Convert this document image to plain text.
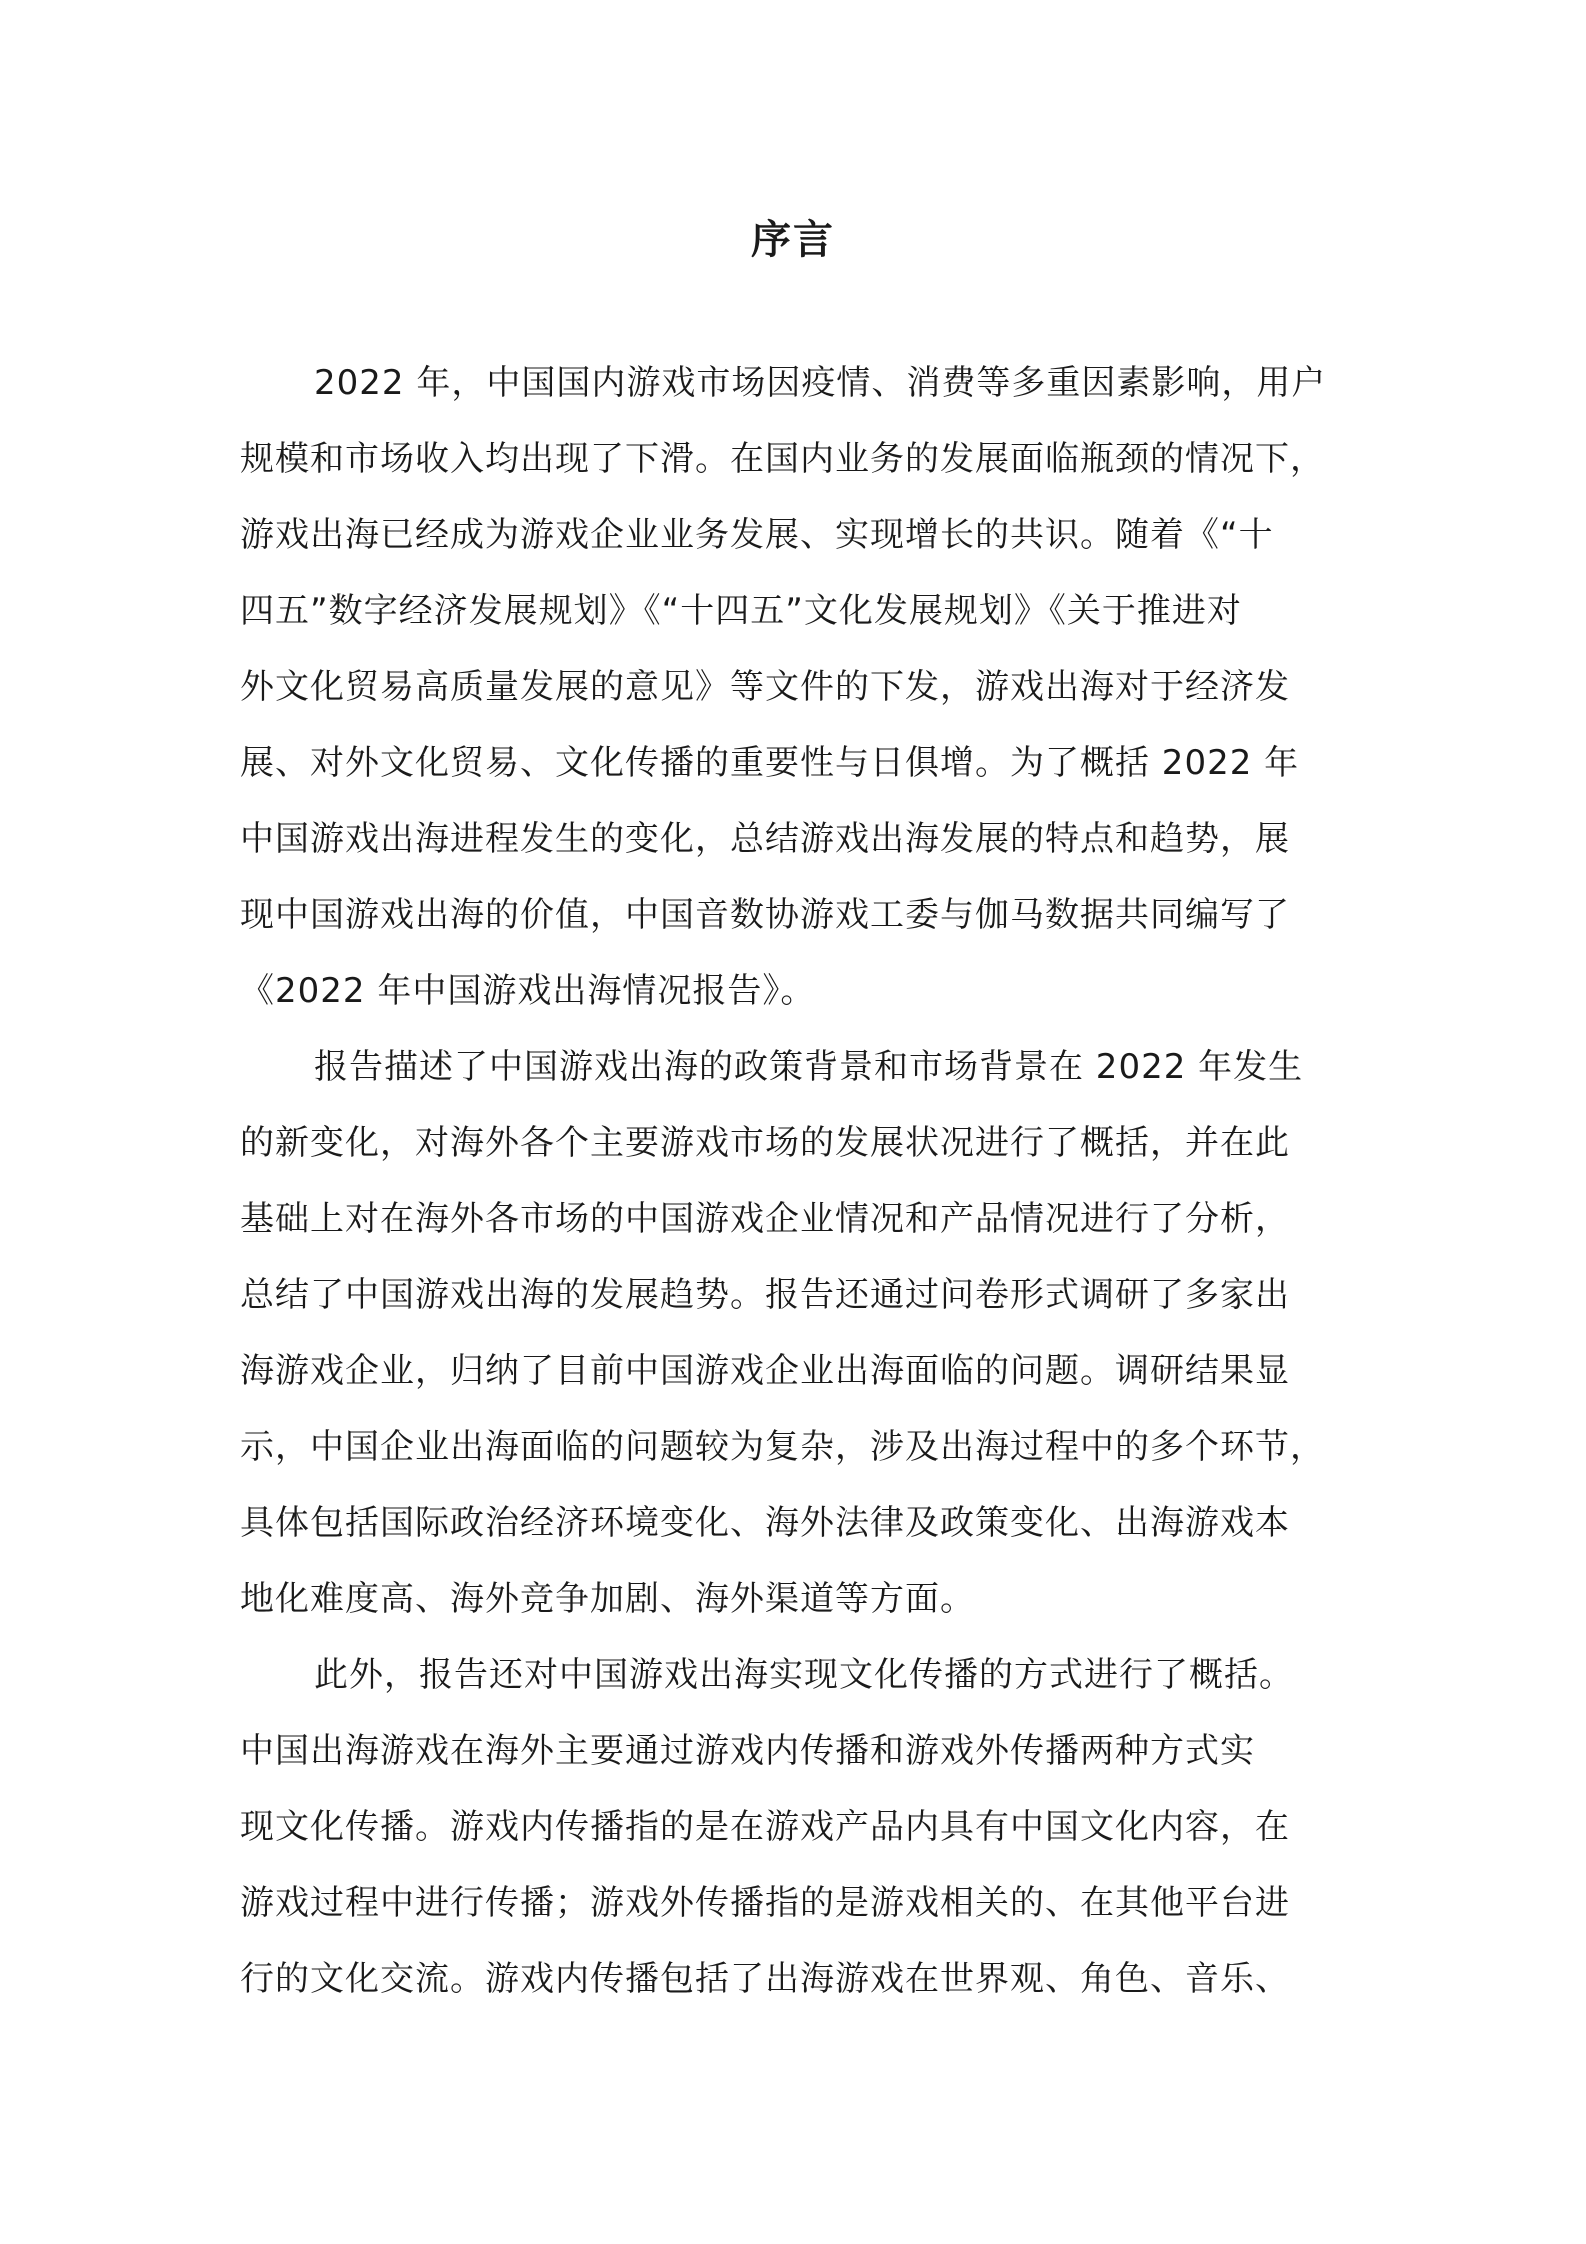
序言

2022 年，中国国内游戏市场因疫情、消费等多重因素影响，用户
规模和市场收入均出现了下滑。在国内业务的发展面临瓶颈的情况下，
游戏出海已经成为游戏企业业务发展、实现增长的共识。随着《“十
四五”数字经济发展规划》《“十四五”文化发展规划》《关于推进对
外文化贸易高质量发展的意见》等文件的下发，游戏出海对于经济发
展、对外文化贸易、文化传播的重要性与日俱增。为了概括 2022 年
中国游戏出海进程发生的变化，总结游戏出海发展的特点和趋势，展
现中国游戏出海的价值，中国音数协游戏工委与伽马数据共同编写了
《2022 年中国游戏出海情况报告》。

报告描述了中国游戏出海的政策背景和市场背景在 2022 年发生
的新变化，对海外各个主要游戏市场的发展状况进行了概括，并在此
基础上对在海外各市场的中国游戏企业情况和产品情况进行了分析，
总结了中国游戏出海的发展趋势。报告还通过问卷形式调研了多家出
海游戏企业，归纳了目前中国游戏企业出海面临的问题。调研结果显
示，中国企业出海面临的问题较为复杂，涉及出海过程中的多个环节，
具体包括国际政治经济环境变化、海外法律及政策变化、出海游戏本
地化难度高、海外竞争加剧、海外渠道等方面。

此外，报告还对中国游戏出海实现文化传播的方式进行了概括。
中国出海游戏在海外主要通过游戏内传播和游戏外传播两种方式实
现文化传播。游戏内传播指的是在游戏产品内具有中国文化内容，在
游戏过程中进行传播；游戏外传播指的是游戏相关的、在其他平台进
行的文化交流。游戏内传播包括了出海游戏在世界观、角色、音乐、
